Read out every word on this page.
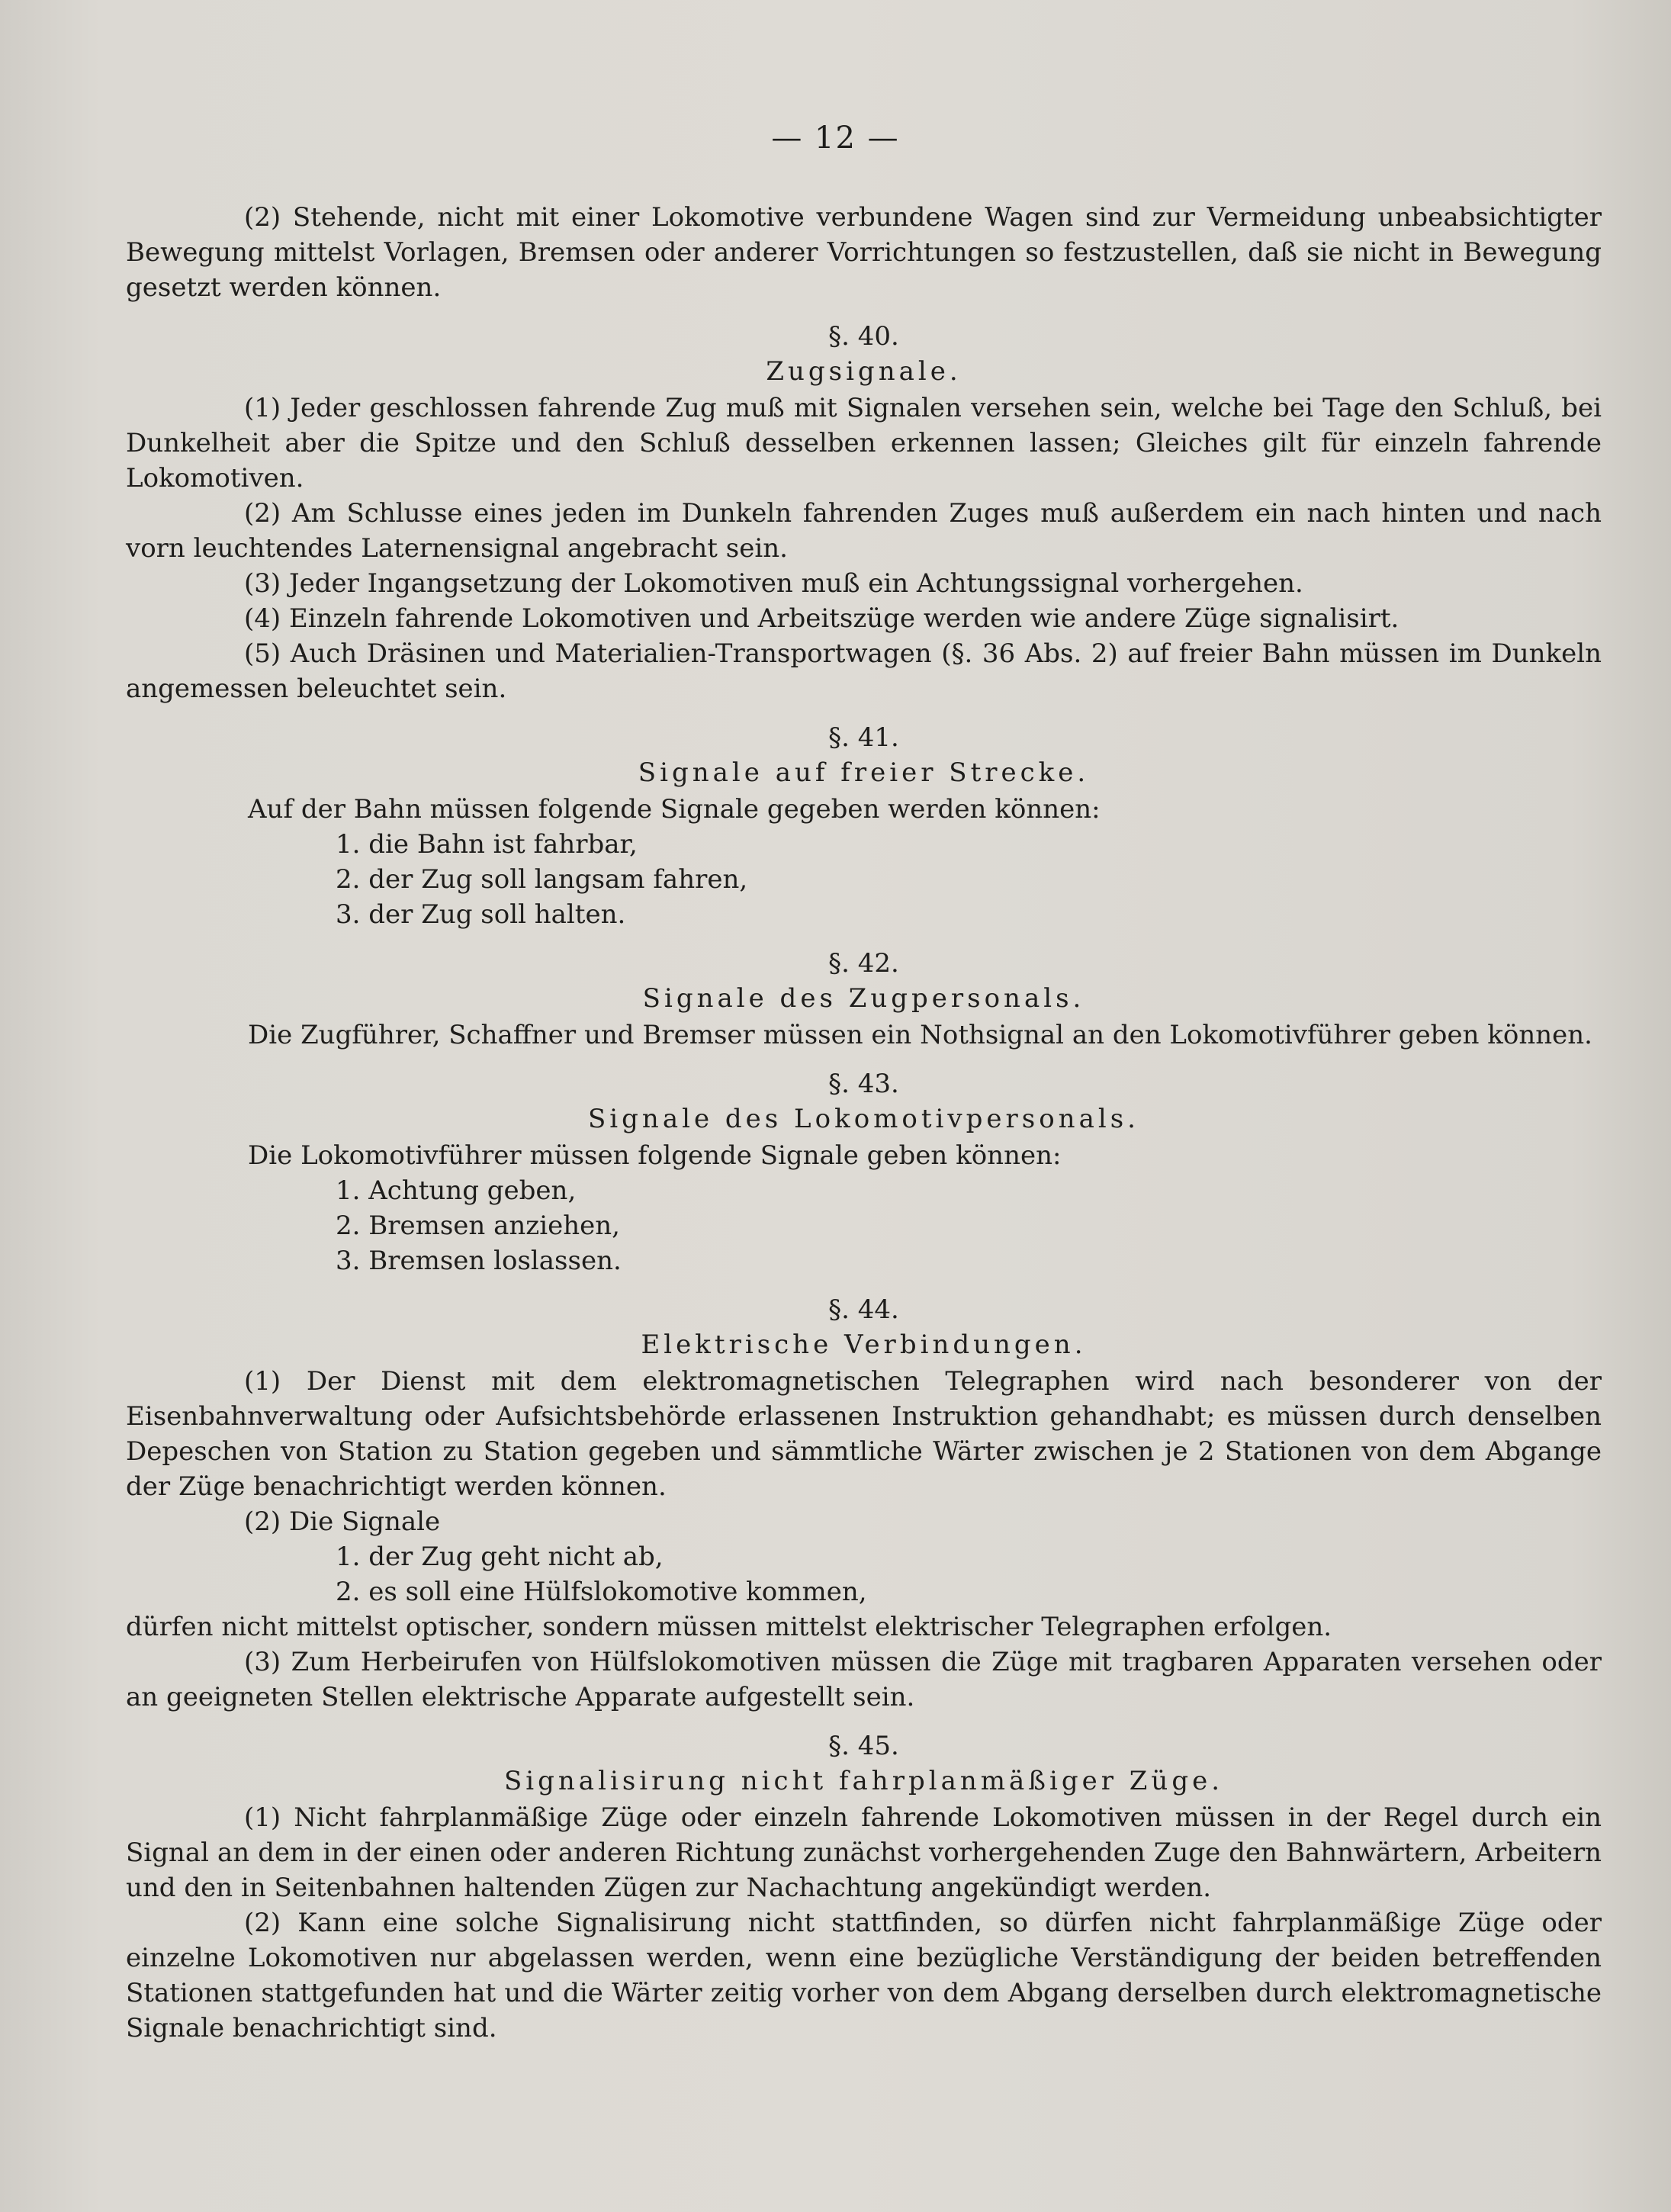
— 12 —

(2) Stehende, nicht mit einer Lokomotive verbundene Wagen sind zur Vermeidung unbeabsichtigter Bewegung mittelst Vorlagen, Bremsen oder anderer Vorrichtungen so festzustellen, daß sie nicht in Bewegung gesetzt werden können.

§. 40.
Zugsignale.

(1) Jeder geschlossen fahrende Zug muß mit Signalen versehen sein, welche bei Tage den Schluß, bei Dunkelheit aber die Spitze und den Schluß desselben erkennen lassen; Gleiches gilt für einzeln fahrende Lokomotiven.

(2) Am Schlusse eines jeden im Dunkeln fahrenden Zuges muß außerdem ein nach hinten und nach vorn leuchtendes Laternensignal angebracht sein.

(3) Jeder Ingangsetzung der Lokomotiven muß ein Achtungssignal vorhergehen.

(4) Einzeln fahrende Lokomotiven und Arbeitszüge werden wie andere Züge signalisirt.

(5) Auch Dräsinen und Materialien-Transportwagen (§. 36 Abs. 2) auf freier Bahn müssen im Dunkeln angemessen beleuchtet sein.

§. 41.
Signale auf freier Strecke.

Auf der Bahn müssen folgende Signale gegeben werden können:

1. die Bahn ist fahrbar,
2. der Zug soll langsam fahren,
3. der Zug soll halten.
§. 42.
Signale des Zugpersonals.

Die Zugführer, Schaffner und Bremser müssen ein Nothsignal an den Lokomotivführer geben können.

§. 43.
Signale des Lokomotivpersonals.

Die Lokomotivführer müssen folgende Signale geben können:

1. Achtung geben,
2. Bremsen anziehen,
3. Bremsen loslassen.
§. 44.
Elektrische Verbindungen.

(1) Der Dienst mit dem elektromagnetischen Telegraphen wird nach besonderer von der Eisenbahnverwaltung oder Aufsichtsbehörde erlassenen Instruktion gehandhabt; es müssen durch denselben Depeschen von Station zu Station gegeben und sämmtliche Wärter zwischen je 2 Stationen von dem Abgange der Züge benachrichtigt werden können.

(2) Die Signale

1. der Zug geht nicht ab,
2. es soll eine Hülfslokomotive kommen,

dürfen nicht mittelst optischer, sondern müssen mittelst elektrischer Telegraphen erfolgen.

(3) Zum Herbeirufen von Hülfslokomotiven müssen die Züge mit tragbaren Apparaten versehen oder an geeigneten Stellen elektrische Apparate aufgestellt sein.

§. 45.
Signalisirung nicht fahrplanmäßiger Züge.

(1) Nicht fahrplanmäßige Züge oder einzeln fahrende Lokomotiven müssen in der Regel durch ein Signal an dem in der einen oder anderen Richtung zunächst vorhergehenden Zuge den Bahnwärtern, Arbeitern und den in Seitenbahnen haltenden Zügen zur Nachachtung angekündigt werden.

(2) Kann eine solche Signalisirung nicht stattfinden, so dürfen nicht fahrplanmäßige Züge oder einzelne Lokomotiven nur abgelassen werden, wenn eine bezügliche Verständigung der beiden betreffenden Stationen stattgefunden hat und die Wärter zeitig vorher von dem Abgang derselben durch elektromagnetische Signale benachrichtigt sind.
